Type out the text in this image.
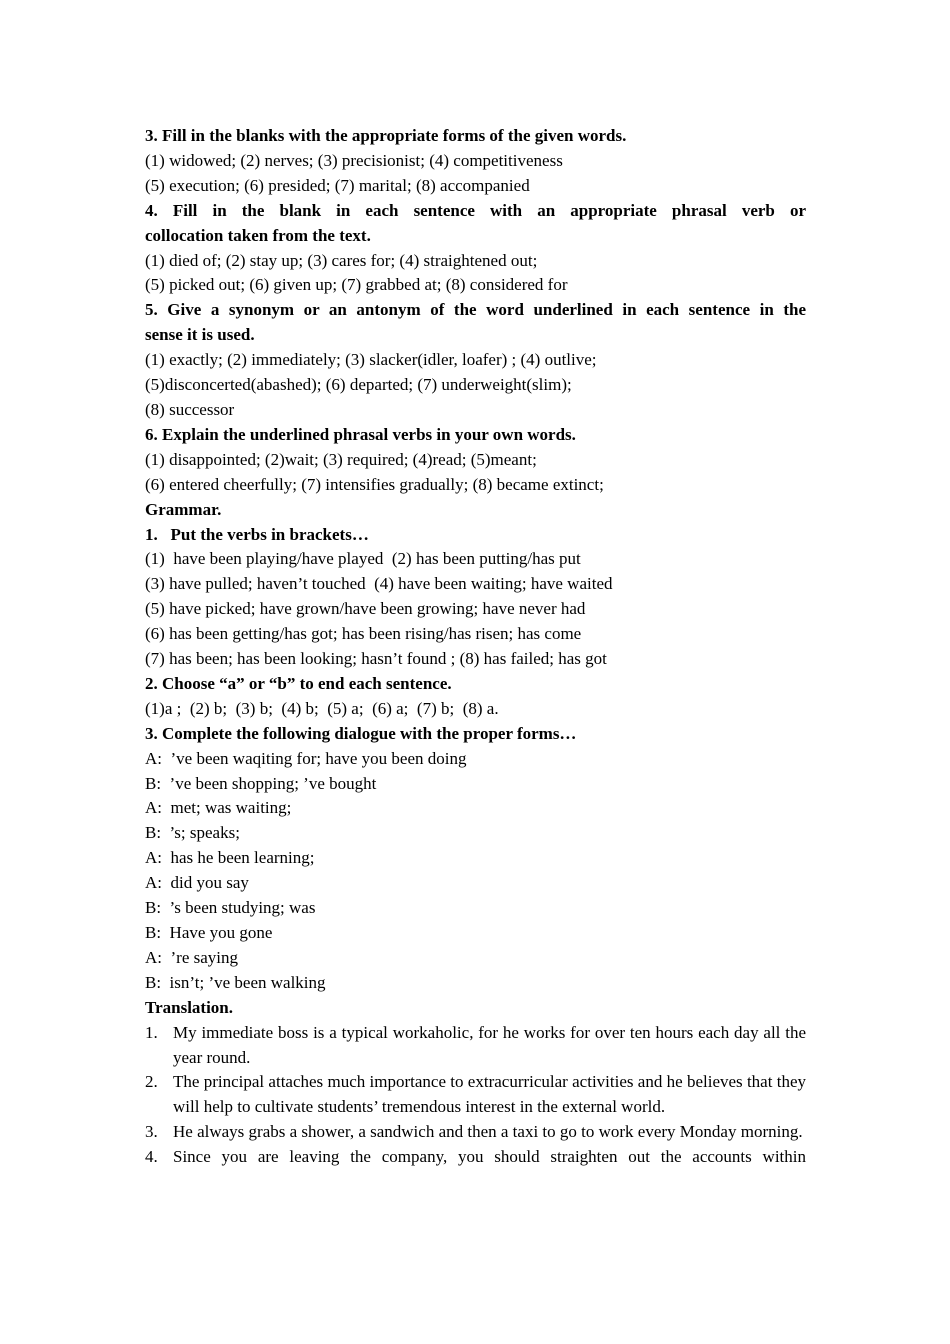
3. Fill in the blanks with the appropriate forms of the given words.
(1) widowed; (2) nerves; (3) precisionist; (4) competitiveness
(5) execution; (6) presided; (7) marital; (8) accompanied
4. Fill in the blank in each sentence with an appropriate phrasal verb or
collocation taken from the text.
(1) died of; (2) stay up; (3) cares for; (4) straightened out;
(5) picked out; (6) given up; (7) grabbed at; (8) considered for
5. Give a synonym or an antonym of the word underlined in each sentence in the
sense it is used.
(1) exactly; (2) immediately; (3) slacker(idler, loafer) ; (4) outlive;
(5)disconcerted(abashed); (6) departed; (7) underweight(slim);
(8) successor
6. Explain the underlined phrasal verbs in your own words.
(1) disappointed; (2)wait; (3) required; (4)read; (5)meant;
(6) entered cheerfully; (7) intensifies gradually; (8) became extinct;
Grammar.
1.   Put the verbs in brackets…
(1)  have been playing/have played  (2) has been putting/has put
(3) have pulled; haven’t touched  (4) have been waiting; have waited
(5) have picked; have grown/have been growing; have never had
(6) has been getting/has got; has been rising/has risen; has come
(7) has been; has been looking; hasn’t found ; (8) has failed; has got
2. Choose “a” or “b” to end each sentence.
(1)a ;  (2) b;  (3) b;  (4) b;  (5) a;  (6) a;  (7) b;  (8) a.
3. Complete the following dialogue with the proper forms…
A:  ’ve been waqiting for; have you been doing
B:  ’ve been shopping; ’ve bought
A:  met; was waiting;
B:  ’s; speaks;
A:  has he been learning;
A:  did you say
B:  ’s been studying; was
B:  Have you gone
A:  ’re saying
B:  isn’t; ’ve been walking
Translation.
1. My immediate boss is a typical workaholic, for he works for over ten hours each day all the year round.
2. The principal attaches much importance to extracurricular activities and he believes that they will help to cultivate students’ tremendous interest in the external world.
3. He always grabs a shower, a sandwich and then a taxi to go to work every Monday morning.
4. Since you are leaving the company, you should straighten out the accounts within
